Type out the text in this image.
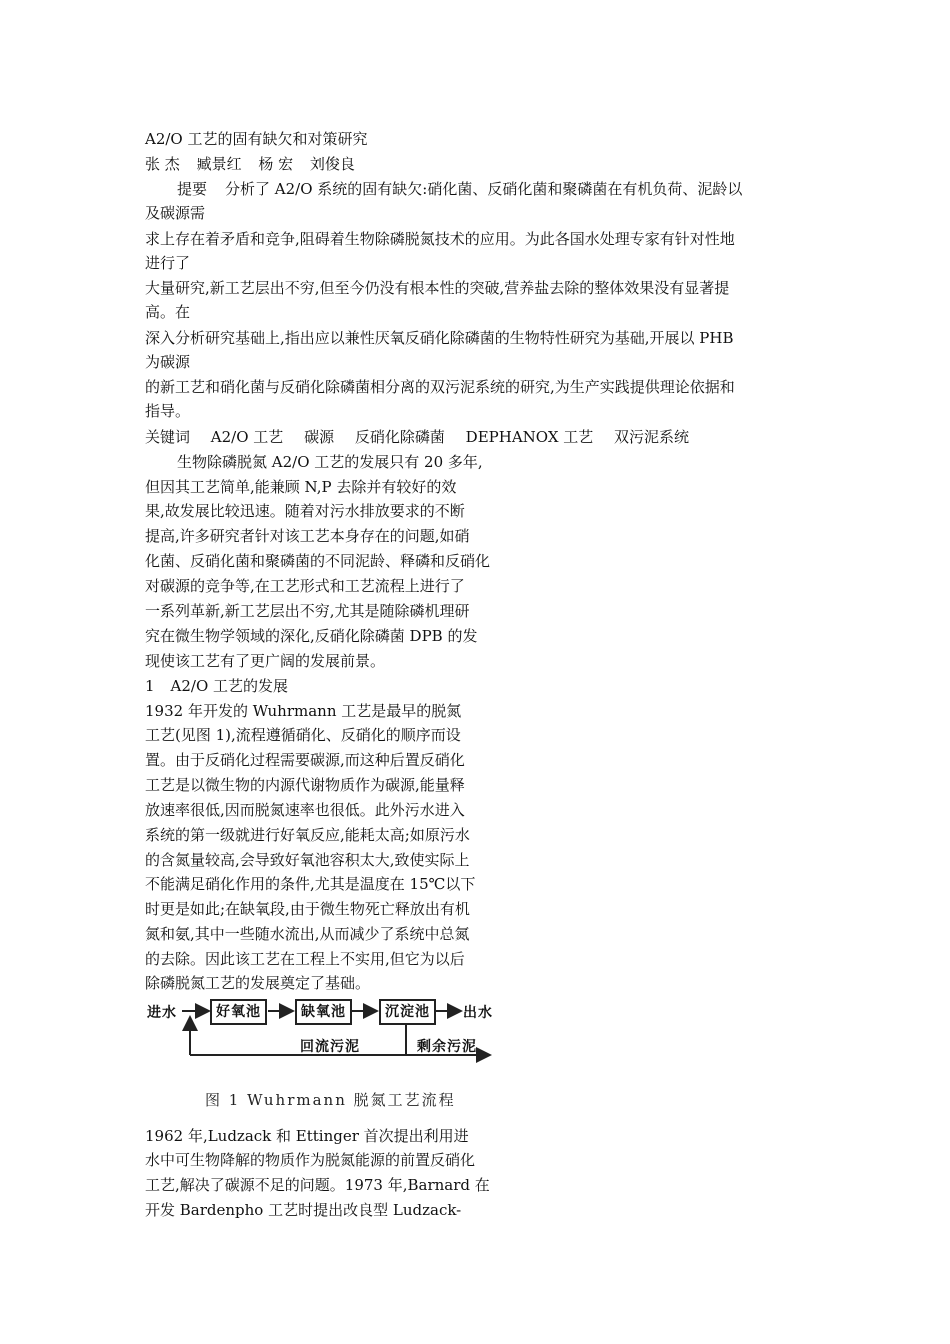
A2/O 工艺的固有缺欠和对策研究
张 杰 臧景红 杨 宏 刘俊良
提要 分析了 A2/O 系统的固有缺欠:硝化菌、反硝化菌和聚磷菌在有机负荷、泥龄以
及碳源需
求上存在着矛盾和竞争,阻碍着生物除磷脱氮技术的应用。为此各国水处理专家有针对性地
进行了
大量研究,新工艺层出不穷,但至今仍没有根本性的突破,营养盐去除的整体效果没有显著提
高。在
深入分析研究基础上,指出应以兼性厌氧反硝化除磷菌的生物特性研究为基础,开展以 PHB
为碳源
的新工艺和硝化菌与反硝化除磷菌相分离的双污泥系统的研究,为生产实践提供理论依据和
指导。
关键词 A2/O 工艺 碳源 反硝化除磷菌 DEPHANOX 工艺 双污泥系统
生物除磷脱氮 A2/O 工艺的发展只有 20 多年,
但因其工艺简单,能兼顾 N,P 去除并有较好的效
果,故发展比较迅速。随着对污水排放要求的不断
提高,许多研究者针对该工艺本身存在的问题,如硝
化菌、反硝化菌和聚磷菌的不同泥龄、释磷和反硝化
对碳源的竞争等,在工艺形式和工艺流程上进行了
一系列革新,新工艺层出不穷,尤其是随除磷机理研
究在微生物学领域的深化,反硝化除磷菌 DPB 的发
现使该工艺有了更广阔的发展前景。
1 A2/O 工艺的发展
1932 年开发的 Wuhrmann 工艺是最早的脱氮
工艺(见图 1),流程遵循硝化、反硝化的顺序而设
置。由于反硝化过程需要碳源,而这种后置反硝化
工艺是以微生物的内源代谢物质作为碳源,能量释
放速率很低,因而脱氮速率也很低。此外污水进入
系统的第一级就进行好氧反应,能耗太高;如原污水
的含氮量较高,会导致好氧池容积太大,致使实际上
不能满足硝化作用的条件,尤其是温度在 15℃以下
时更是如此;在缺氧段,由于微生物死亡释放出有机
氮和氨,其中一些随水流出,从而减少了系统中总氮
的去除。因此该工艺在工程上不实用,但它为以后
除磷脱氮工艺的发展奠定了基础。
进水	好氧池	缺氧池	沉淀池	出水
回流污泥	剩余污泥
图 1 Wuhrmann 脱氮工艺流程
1962 年,Ludzack 和 Ettinger 首次提出利用进
水中可生物降解的物质作为脱氮能源的前置反硝化
工艺,解决了碳源不足的问题。1973 年,Barnard 在
开发 Bardenpho 工艺时提出改良型 Ludzack-
